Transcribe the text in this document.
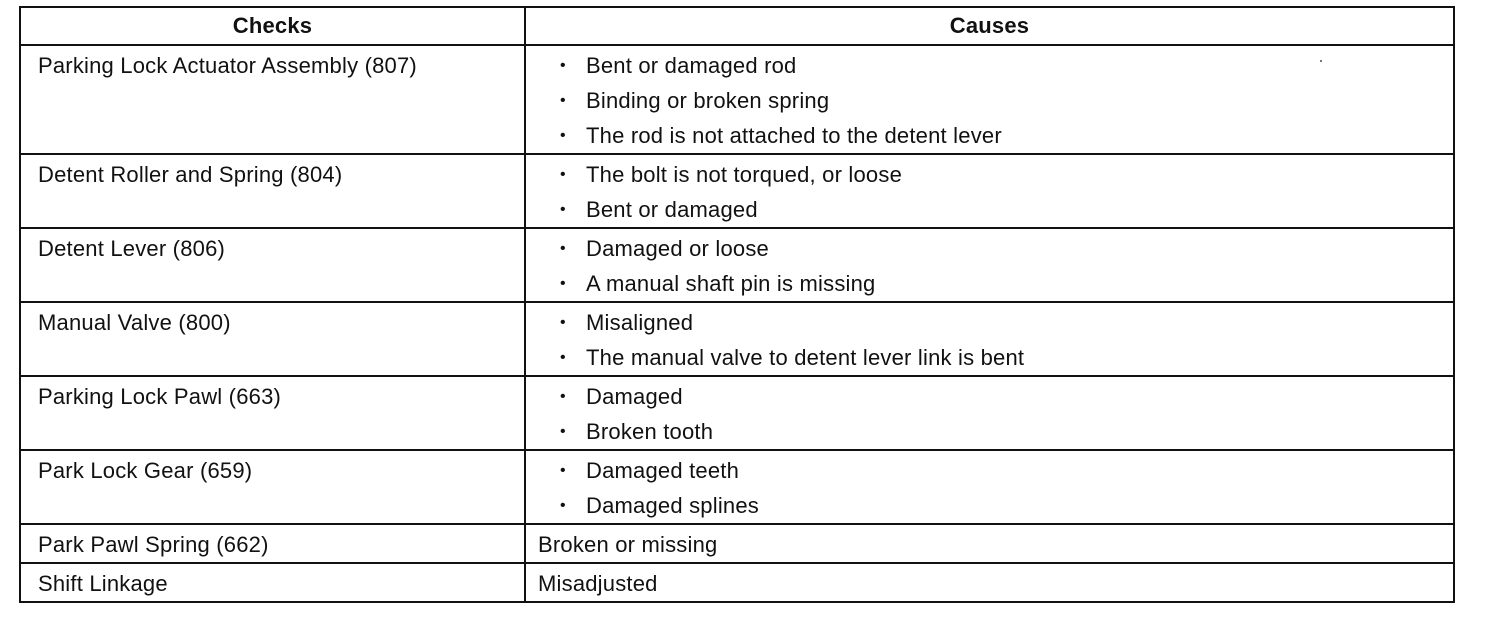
Checks	Causes
Parking Lock Actuator Assembly (807)	• Bent or damaged rod
• Binding or broken spring
• The rod is not attached to the detent lever
Detent Roller and Spring (804)	• The bolt is not torqued, or loose
• Bent or damaged
Detent Lever (806)	• Damaged or loose
• A manual shaft pin is missing
Manual Valve (800)	• Misaligned
• The manual valve to detent lever link is bent
Parking Lock Pawl (663)	• Damaged
• Broken tooth
Park Lock Gear (659)	• Damaged teeth
• Damaged splines
Park Pawl Spring (662)	Broken or missing
Shift Linkage	Misadjusted
